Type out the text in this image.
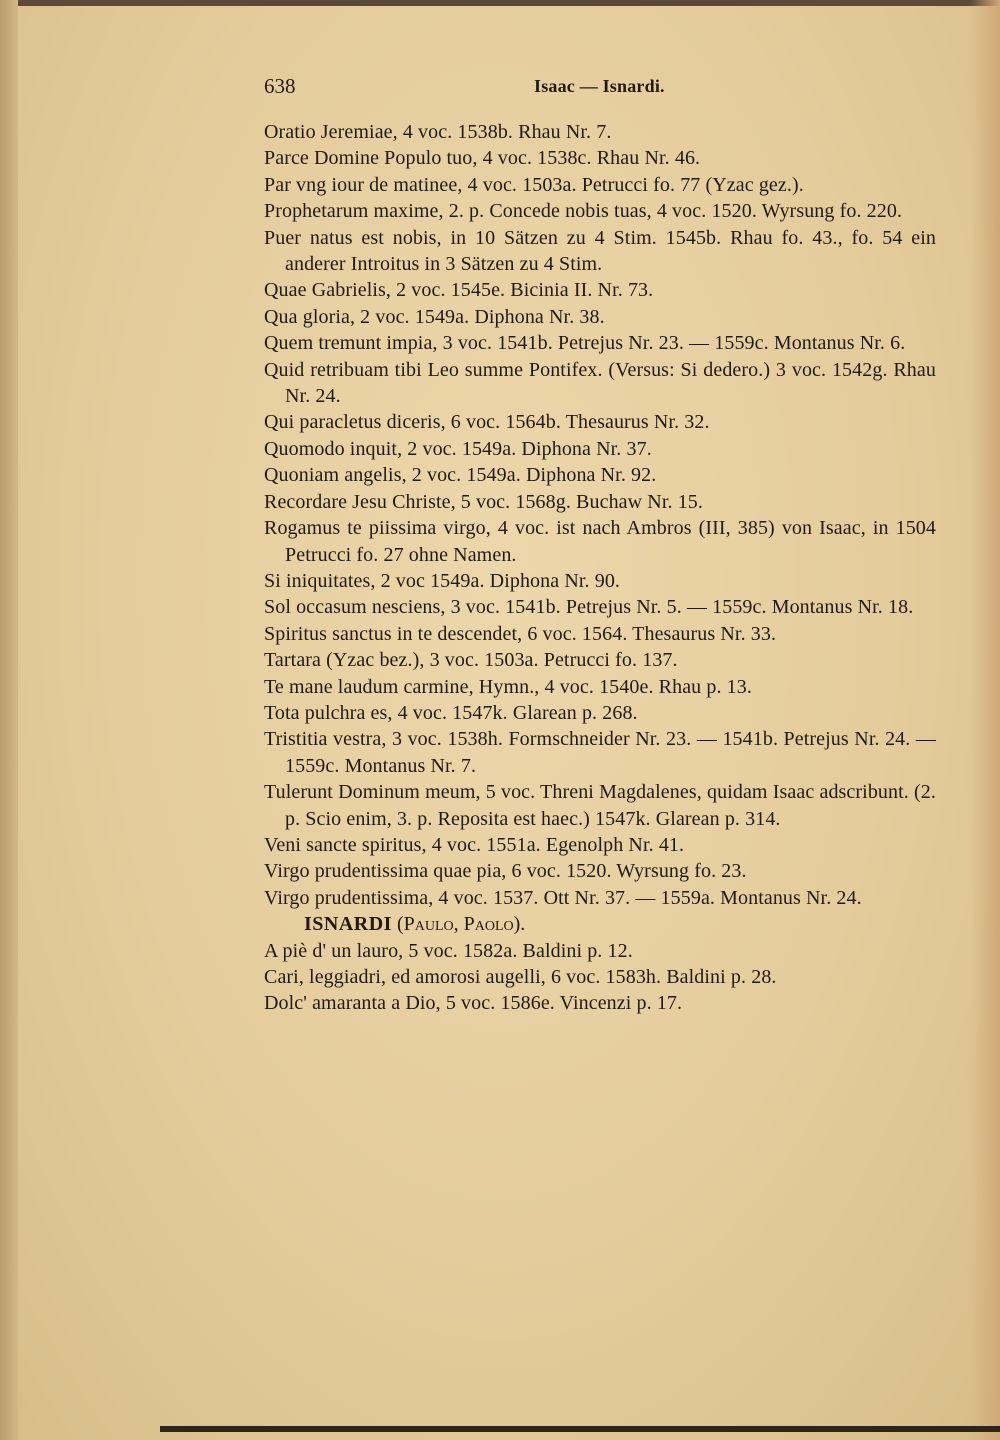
638	Isaac — Isnardi.
Oratio Jeremiae, 4 voc. 1538b. Rhau Nr. 7.
Parce Domine Populo tuo, 4 voc. 1538c. Rhau Nr. 46.
Par vng iour de matinee, 4 voc. 1503a. Petrucci fo. 77 (Yzac gez.).
Prophetarum maxime, 2. p. Concede nobis tuas, 4 voc. 1520. Wyrsung fo. 220.
Puer natus est nobis, in 10 Sätzen zu 4 Stim. 1545b. Rhau fo. 43., fo. 54 ein anderer Introitus in 3 Sätzen zu 4 Stim.
Quae Gabrielis, 2 voc. 1545e. Bicinia II. Nr. 73.
Qua gloria, 2 voc. 1549a. Diphona Nr. 38.
Quem tremunt impia, 3 voc. 1541b. Petrejus Nr. 23. — 1559c. Montanus Nr. 6.
Quid retribuam tibi Leo summe Pontifex. (Versus: Si dedero.) 3 voc. 1542g. Rhau Nr. 24.
Qui paracletus diceris, 6 voc. 1564b. Thesaurus Nr. 32.
Quomodo inquit, 2 voc. 1549a. Diphona Nr. 37.
Quoniam angelis, 2 voc. 1549a. Diphona Nr. 92.
Recordare Jesu Christe, 5 voc. 1568g. Buchaw Nr. 15.
Rogamus te piissima virgo, 4 voc. ist nach Ambros (III, 385) von Isaac, in 1504 Petrucci fo. 27 ohne Namen.
Si iniquitates, 2 voc 1549a. Diphona Nr. 90.
Sol occasum nesciens, 3 voc. 1541b. Petrejus Nr. 5. — 1559c. Montanus Nr. 18.
Spiritus sanctus in te descendet, 6 voc. 1564. Thesaurus Nr. 33.
Tartara (Yzac bez.), 3 voc. 1503a. Petrucci fo. 137.
Te mane laudum carmine, Hymn., 4 voc. 1540e. Rhau p. 13.
Tota pulchra es, 4 voc. 1547k. Glarean p. 268.
Tristitia vestra, 3 voc. 1538h. Formschneider Nr. 23. — 1541b. Petrejus Nr. 24. — 1559c. Montanus Nr. 7.
Tulerunt Dominum meum, 5 voc. Threni Magdalenes, quidam Isaac adscribunt. (2. p. Scio enim, 3. p. Reposita est haec.) 1547k. Glarean p. 314.
Veni sancte spiritus, 4 voc. 1551a. Egenolph Nr. 41.
Virgo prudentissima quae pia, 6 voc. 1520. Wyrsung fo. 23.
Virgo prudentissima, 4 voc. 1537. Ott Nr. 37. — 1559a. Montanus Nr. 24.
ISNARDI (Paulo, Paolo).
A piè d' un lauro, 5 voc. 1582a. Baldini p. 12.
Cari, leggiadri, ed amorosi augelli, 6 voc. 1583h. Baldini p. 28.
Dolc' amaranta a Dio, 5 voc. 1586e. Vincenzi p. 17.
